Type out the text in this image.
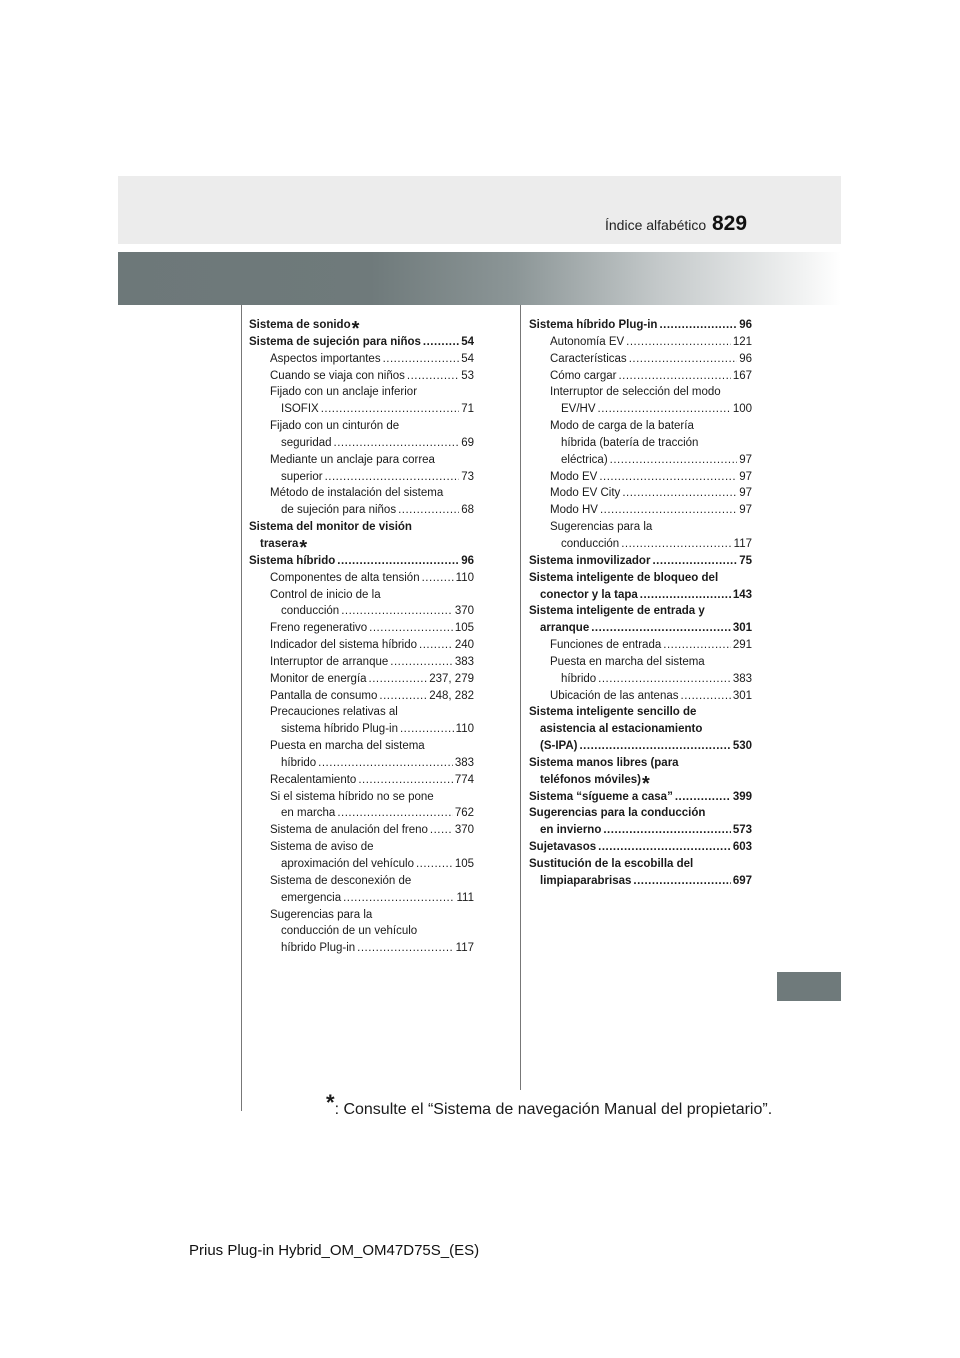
Índice alfabético 829
Sistema de sonido *
Sistema de sujeción para niños .....	54
Aspectos importantes .....	54
Cuando se viaja con niños .....	53
Fijado con un anclaje inferior
ISOFIX .....	71
Fijado con un cinturón de
seguridad .....	69
Mediante un anclaje para correa
superior .....	73
Método de instalación del sistema
de sujeción para niños .....	68
Sistema del monitor de visión
trasera *
Sistema híbrido .....	96
Componentes de alta tensión .....	110
Control de inicio de la
conducción .....	370
Freno regenerativo .....	105
Indicador del sistema híbrido .....	240
Interruptor de arranque .....	383
Monitor de energía .....	237, 279
Pantalla de consumo .....	248, 282
Precauciones relativas al
sistema híbrido Plug-in .....	110
Puesta en marcha del sistema
híbrido .....	383
Recalentamiento .....	774
Si el sistema híbrido no se pone
en marcha .....	762
Sistema de anulación del freno ..... 370
Sistema de aviso de
aproximación del vehículo .....	105
Sistema de desconexión de
emergencia .....	111
Sugerencias para la
conducción de un vehículo
híbrido Plug-in .....	117
Sistema híbrido Plug-in .....	96
Autonomía EV .....	121
Características .....	96
Cómo cargar .....	167
Interruptor de selección del modo
EV/HV .....	100
Modo de carga de la batería
híbrida (batería de tracción
eléctrica) .....	97
Modo EV .....	97
Modo EV City .....	97
Modo HV .....	97
Sugerencias para la
conducción .....	117
Sistema inmovilizador .....	75
Sistema inteligente de bloqueo del
conector y la tapa .....	143
Sistema inteligente de entrada y
arranque .....	301
Funciones de entrada .....	291
Puesta en marcha del sistema
híbrido .....	383
Ubicación de las antenas .....	301
Sistema inteligente sencillo de
asistencia al estacionamiento
(S-IPA) .....	530
Sistema manos libres (para
teléfonos móviles) *
Sistema “sígueme a casa” .....	399
Sugerencias para la conducción
en invierno .....	573
Sujetavasos .....	603
Sustitución de la escobilla del
limpiaparabrisas .....	697
*: Consulte el “Sistema de navegación Manual del propietario”.
Prius Plug-in Hybrid_OM_OM47D75S_(ES)
